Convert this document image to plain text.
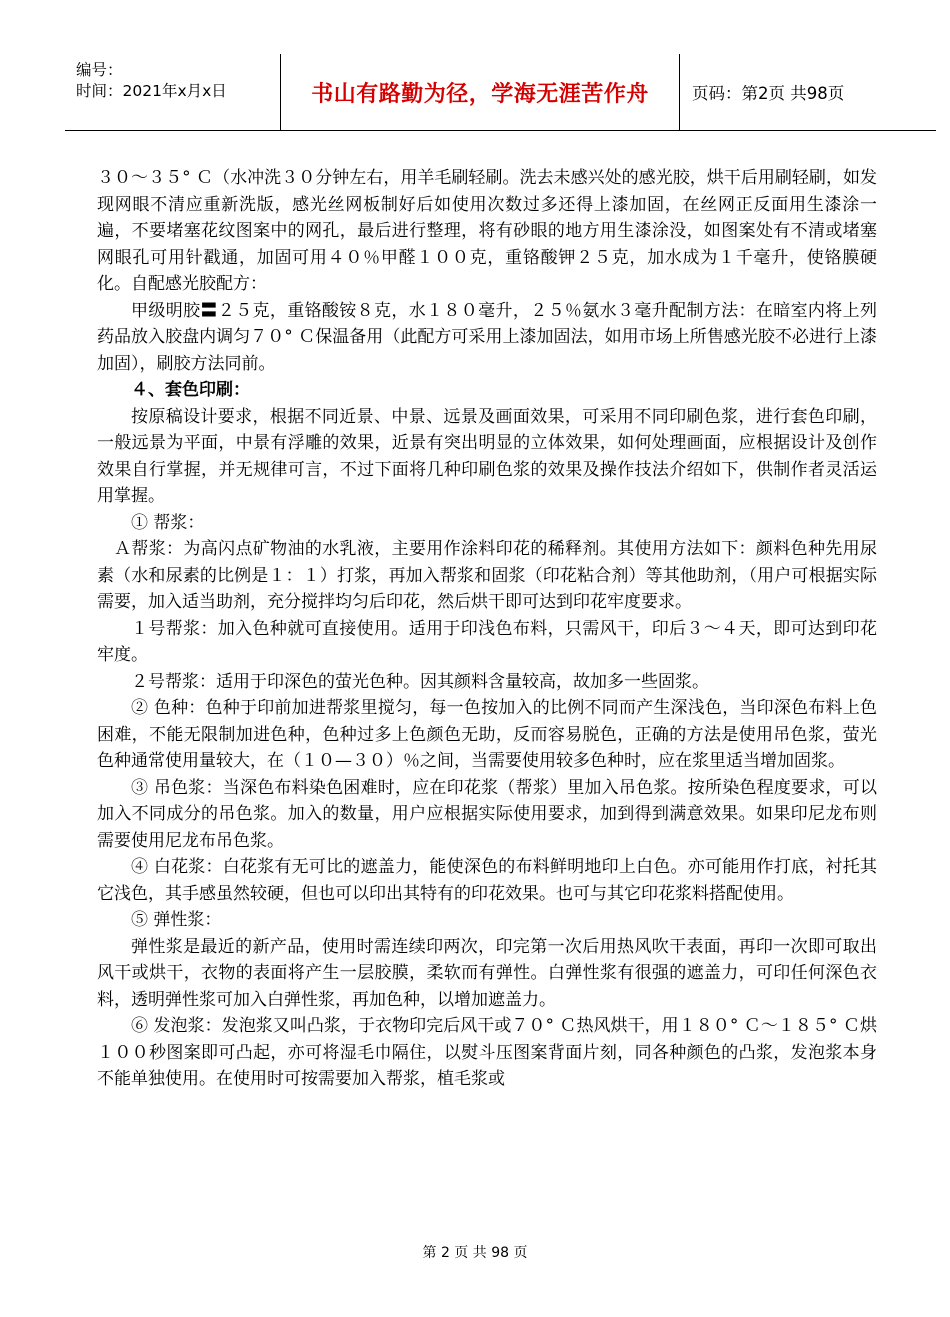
编号：
时间：2021年x月x日	书山有路勤为径，学海无涯苦作舟	页码：第2页 共98页

３０～３５° Ｃ（水冲洗３０分钟左右，用羊毛刷轻刷。洗去未感兴处的感光胶，烘干后用刷轻刷，如发现网眼不清应重新洗版，感光丝网板制好后如使用次数过多还得上漆加固，在丝网正反面用生漆涂一遍，不要堵塞花纹图案中的网孔，最后进行整理，将有砂眼的地方用生漆涂没，如图案处有不清或堵塞网眼孔可用针戳通，加固可用４０％甲醛１００克，重铬酸钾２５克，加水成为１千毫升，使铬膜硬化。自配感光胶配方：

甲级明胶〓２５克，重铬酸铵８克，水１８０毫升，２５％氨水３毫升配制方法：在暗室内将上列药品放入胶盘内调匀７０° Ｃ保温备用（此配方可采用上漆加固法，如用市场上所售感光胶不必进行上漆加固），刷胶方法同前。

４、套色印刷：

按原稿设计要求，根据不同近景、中景、远景及画面效果，可采用不同印刷色浆，进行套色印刷，一般远景为平面，中景有浮雕的效果，近景有突出明显的立体效果，如何处理画面，应根据设计及创作效果自行掌握，并无规律可言，不过下面将几种印刷色浆的效果及操作技法介绍如下，供制作者灵活运用掌握。

① 帮浆：

Ａ帮浆：为高闪点矿物油的水乳液，主要用作涂料印花的稀释剂。其使用方法如下：颜料色种先用尿素（水和尿素的比例是１：１）打浆，再加入帮浆和固浆（印花粘合剂）等其他助剂，（用户可根据实际需要，加入适当助剂，充分搅拌均匀后印花，然后烘干即可达到印花牢度要求。

１号帮浆：加入色种就可直接使用。适用于印浅色布料，只需风干，印后３～４天，即可达到印花牢度。

２号帮浆：适用于印深色的萤光色种。因其颜料含量较高，故加多一些固浆。

② 色种：色种于印前加进帮浆里搅匀，每一色按加入的比例不同而产生深浅色，当印深色布料上色困难，不能无限制加进色种，色种过多上色颜色无助，反而容易脱色，正确的方法是使用吊色浆，萤光色种通常使用量较大，在（１０—３０）％之间，当需要使用较多色种时，应在浆里适当增加固浆。

③ 吊色浆：当深色布料染色困难时，应在印花浆（帮浆）里加入吊色浆。按所染色程度要求，可以加入不同成分的吊色浆。加入的数量，用户应根据实际使用要求，加到得到满意效果。如果印尼龙布则需要使用尼龙布吊色浆。

④ 白花浆：白花浆有无可比的遮盖力，能使深色的布料鲜明地印上白色。亦可能用作打底，衬托其它浅色，其手感虽然较硬，但也可以印出其特有的印花效果。也可与其它印花浆料搭配使用。

⑤ 弹性浆：

弹性浆是最近的新产品，使用时需连续印两次，印完第一次后用热风吹干表面，再印一次即可取出风干或烘干，衣物的表面将产生一层胶膜，柔软而有弹性。白弹性浆有很强的遮盖力，可印任何深色衣料，透明弹性浆可加入白弹性浆，再加色种，以增加遮盖力。

⑥ 发泡浆：发泡浆又叫凸浆，于衣物印完后风干或７０° Ｃ热风烘干，用１８０° Ｃ～１８５° Ｃ烘１００秒图案即可凸起，亦可将湿毛巾隔住，以熨斗压图案背面片刻，同各种颜色的凸浆，发泡浆本身不能单独使用。在使用时可按需要加入帮浆，植毛浆或

第 2 页 共 98 页
